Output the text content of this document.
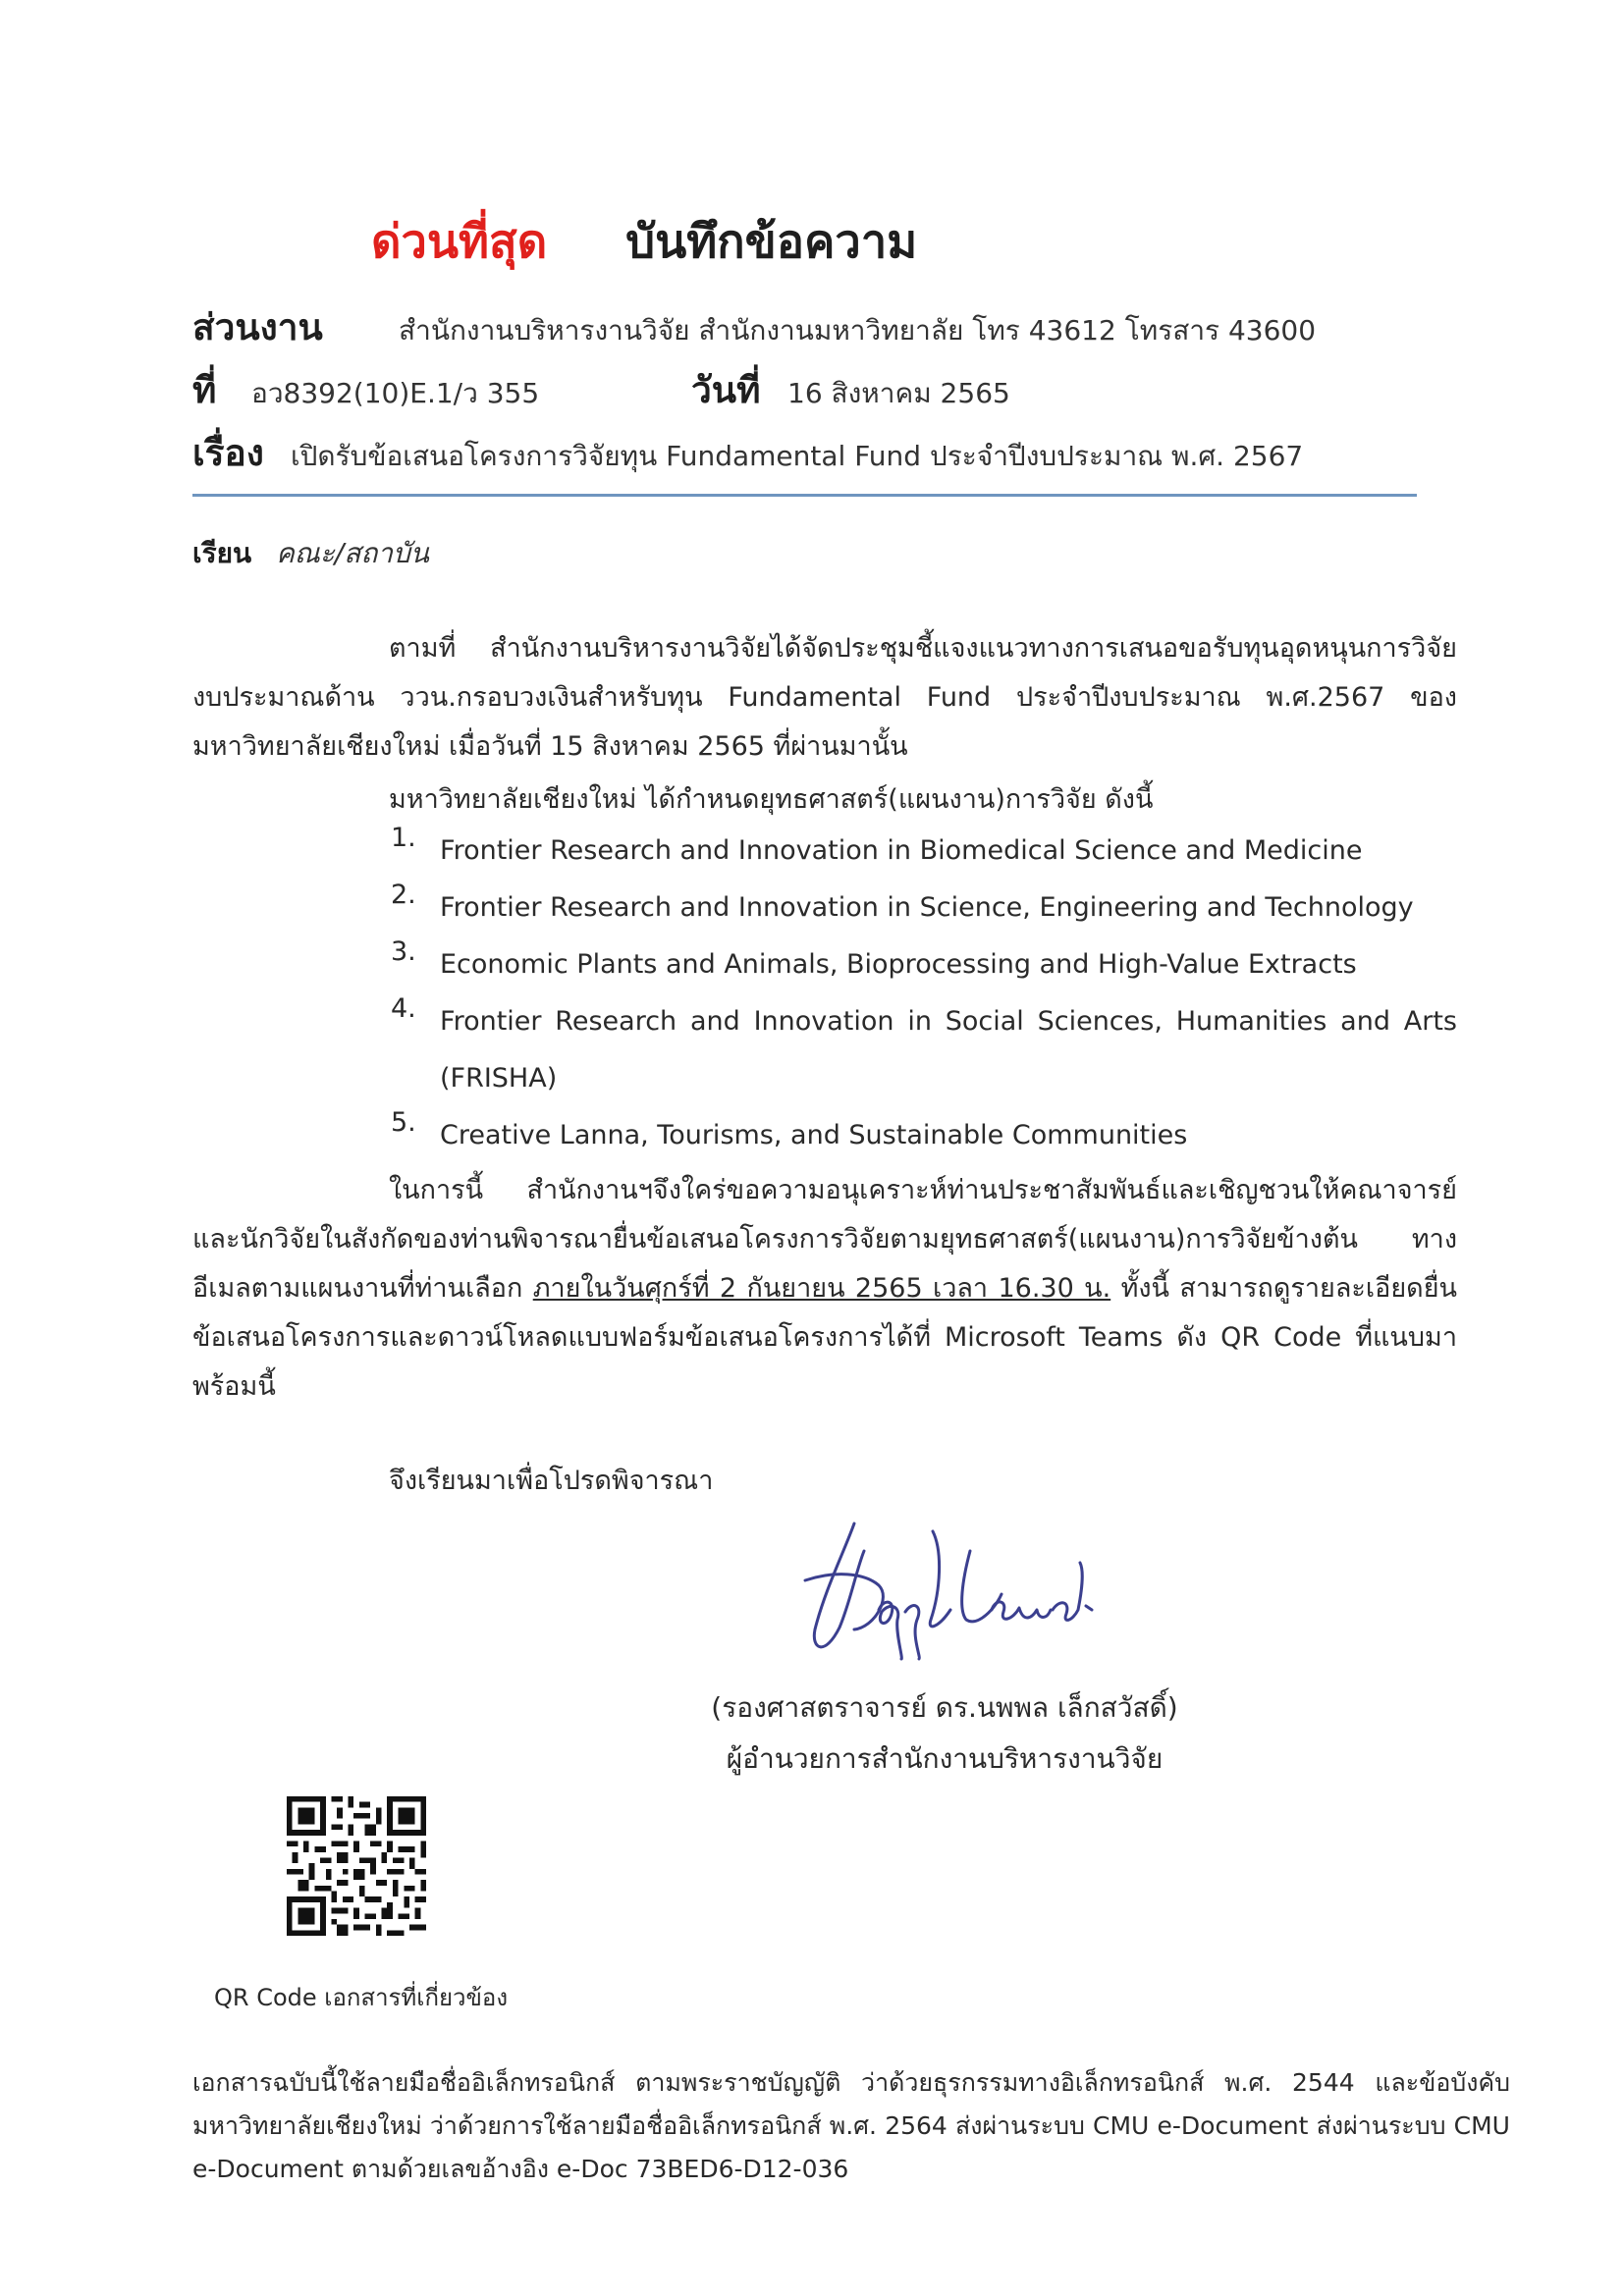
ด่วนที่สุด บันทึกข้อความ
ส่วนงาน	สำนักงานบริหารงานวิจัย สำนักงานมหาวิทยาลัย โทร 43612 โทรสาร 43600
ที่	อว8392(10)E.1/ว 355	วันที่ 16 สิงหาคม 2565
เรื่อง เปิดรับข้อเสนอโครงการวิจัยทุน Fundamental Fund ประจำปีงบประมาณ พ.ศ. 2567
เรียน คณะ/สถาบัน
ตามที่ สำนักงานบริหารงานวิจัยได้จัดประชุมชี้แจงแนวทางการเสนอขอรับทุนอุดหนุนการวิจัย งบประมาณด้าน ววน.กรอบวงเงินสำหรับทุน Fundamental Fund ประจำปีงบประมาณ พ.ศ.2567 ของมหาวิทยาลัยเชียงใหม่ เมื่อวันที่ 15 สิงหาคม 2565 ที่ผ่านมานั้น
มหาวิทยาลัยเชียงใหม่ ได้กำหนดยุทธศาสตร์(แผนงาน)การวิจัย ดังนี้
1. Frontier Research and Innovation in Biomedical Science and Medicine
2. Frontier Research and Innovation in Science, Engineering and Technology
3. Economic Plants and Animals, Bioprocessing and High-Value Extracts
4. Frontier Research and Innovation in Social Sciences, Humanities and Arts (FRISHA)
5. Creative Lanna, Tourisms, and Sustainable Communities
ในการนี้ สำนักงานฯจึงใคร่ขอความอนุเคราะห์ท่านประชาสัมพันธ์และเชิญชวนให้คณาจารย์และนักวิจัยในสังกัดของท่านพิจารณายื่นข้อเสนอโครงการวิจัยตามยุทธศาสตร์(แผนงาน)การวิจัยข้างต้น ทางอีเมลตามแผนงานที่ท่านเลือก ภายในวันศุกร์ที่ 2 กันยายน 2565 เวลา 16.30 น. ทั้งนี้ สามารถดูรายละเอียดยื่นข้อเสนอโครงการและดาวน์โหลดแบบฟอร์มข้อเสนอโครงการได้ที่ Microsoft Teams ดัง QR Code ที่แนบมาพร้อมนี้
จึงเรียนมาเพื่อโปรดพิจารณา
(รองศาสตราจารย์ ดร.นพพล เล็กสวัสดิ์)
ผู้อำนวยการสำนักงานบริหารงานวิจัย
QR Code เอกสารที่เกี่ยวข้อง
เอกสารฉบับนี้ใช้ลายมือชื่ออิเล็กทรอนิกส์ ตามพระราชบัญญัติ ว่าด้วยธุรกรรมทางอิเล็กทรอนิกส์ พ.ศ. 2544 และข้อบังคับมหาวิทยาลัยเชียงใหม่ ว่าด้วยการใช้ลายมือชื่ออิเล็กทรอนิกส์ พ.ศ. 2564 ส่งผ่านระบบ CMU e-Document ส่งผ่านระบบ CMU e-Document ตามด้วยเลขอ้างอิง e-Doc 73BED6-D12-036
